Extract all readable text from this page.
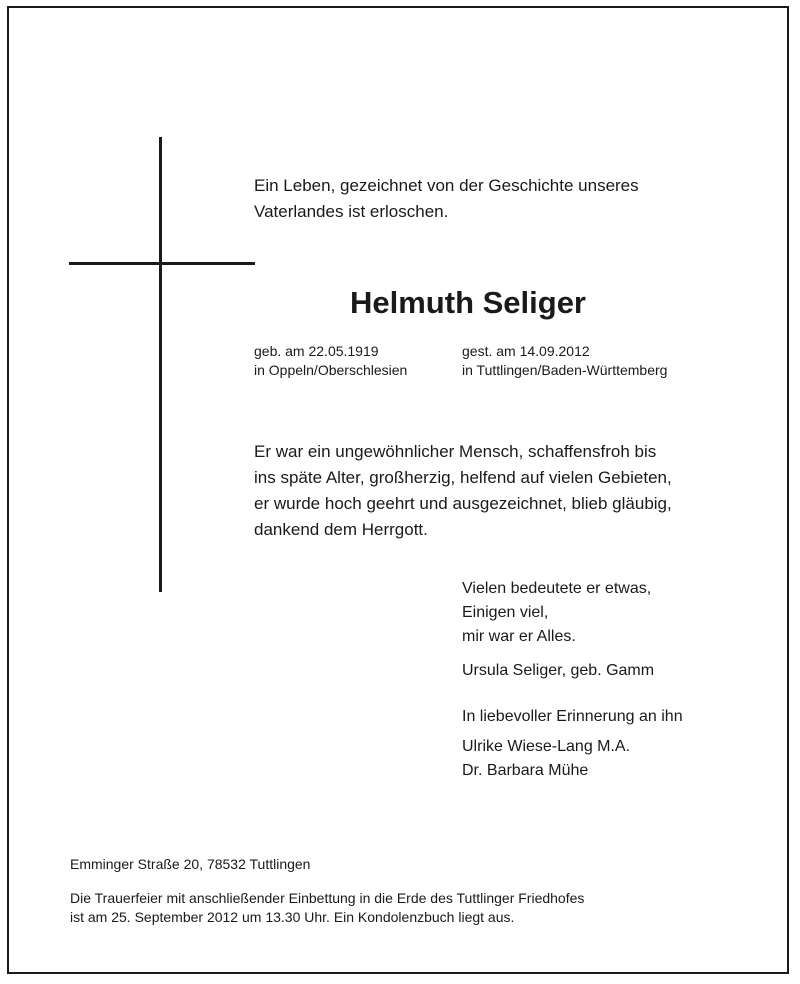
Ein Leben, gezeichnet von der Geschichte unseres
Vaterlandes ist erloschen.

Helmuth Seliger

geb. am 22.05.1919
in Oppeln/Oberschlesien

gest. am 14.09.2012
in Tuttlingen/Baden-Württemberg

Er war ein ungewöhnlicher Mensch, schaffensfroh bis
ins späte Alter, großherzig, helfend auf vielen Gebieten,
er wurde hoch geehrt und ausgezeichnet, blieb gläubig,
dankend dem Herrgott.

Vielen bedeutete er etwas,
Einigen viel,
mir war er Alles.

Ursula Seliger, geb. Gamm

In liebevoller Erinnerung an ihn
Ulrike Wiese-Lang M.A.
Dr. Barbara Mühe

Emminger Straße 20, 78532 Tuttlingen

Die Trauerfeier mit anschließender Einbettung in die Erde des Tuttlinger Friedhofes
ist am 25. September 2012 um 13.30 Uhr. Ein Kondolenzbuch liegt aus.
